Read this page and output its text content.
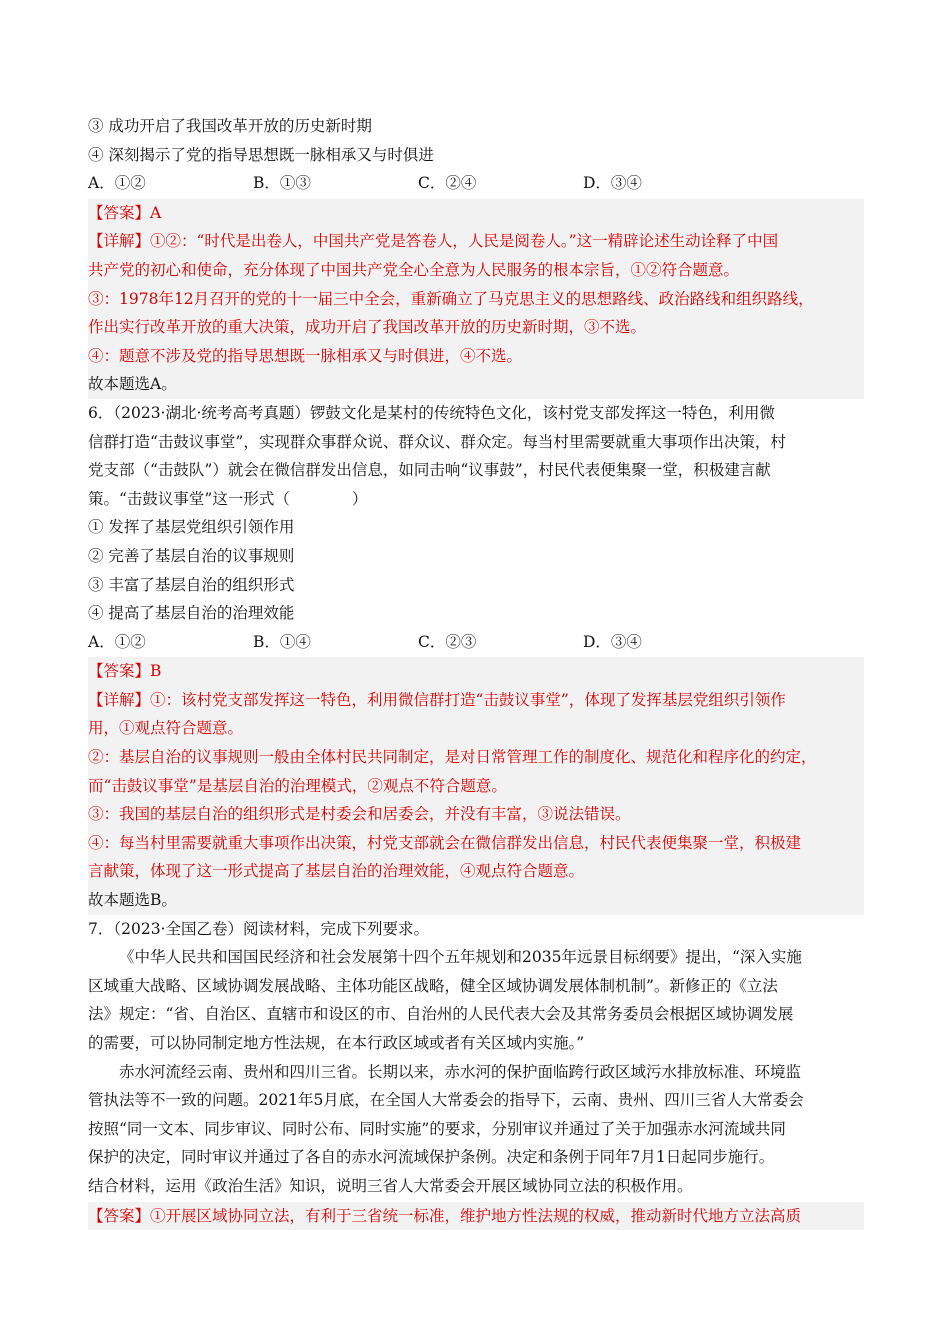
③ 成功开启了我国改革开放的历史新时期
④ 深刻揭示了党的指导思想既一脉相承又与时俱进
A．①②	B．①③	C．②④	D．③④
【答案】A
【详解】①②：“时代是出卷人，中国共产党是答卷人，人民是阅卷人。”这一精辟论述生动诠释了中国
共产党的初心和使命，充分体现了中国共产党全心全意为人民服务的根本宗旨，①②符合题意。
③：1978年12月召开的党的十一届三中全会，重新确立了马克思主义的思想路线、政治路线和组织路线，
作出实行改革开放的重大决策，成功开启了我国改革开放的历史新时期，③不选。
④：题意不涉及党的指导思想既一脉相承又与时俱进，④不选。
故本题选A。
6．（2023·湖北·统考高考真题）锣鼓文化是某村的传统特色文化，该村党支部发挥这一特色，利用微
信群打造“击鼓议事堂”，实现群众事群众说、群众议、群众定。每当村里需要就重大事项作出决策，村
党支部（“击鼓队”）就会在微信群发出信息，如同击响“议事鼓”，村民代表便集聚一堂，积极建言献
策。“击鼓议事堂”这一形式（　　　　）
① 发挥了基层党组织引领作用
② 完善了基层自治的议事规则
③ 丰富了基层自治的组织形式
④ 提高了基层自治的治理效能
A．①②	B．①④	C．②③	D．③④
【答案】B
【详解】①：该村党支部发挥这一特色，利用微信群打造“击鼓议事堂”，体现了发挥基层党组织引领作
用，①观点符合题意。
②：基层自治的议事规则一般由全体村民共同制定，是对日常管理工作的制度化、规范化和程序化的约定，
而“击鼓议事堂”是基层自治的治理模式，②观点不符合题意。
③：我国的基层自治的组织形式是村委会和居委会，并没有丰富，③说法错误。
④：每当村里需要就重大事项作出决策，村党支部就会在微信群发出信息，村民代表便集聚一堂，积极建
言献策，体现了这一形式提高了基层自治的治理效能，④观点符合题意。
故本题选B。
7．（2023·全国乙卷）阅读材料，完成下列要求。
《中华人民共和国国民经济和社会发展第十四个五年规划和2035年远景目标纲要》提出，“深入实施
区域重大战略、区域协调发展战略、主体功能区战略，健全区域协调发展体制机制”。新修正的《立法
法》规定：“省、自治区、直辖市和设区的市、自治州的人民代表大会及其常务委员会根据区域协调发展
的需要，可以协同制定地方性法规，在本行政区域或者有关区域内实施。”
赤水河流经云南、贵州和四川三省。长期以来，赤水河的保护面临跨行政区域污水排放标准、环境监
管执法等不一致的问题。2021年5月底，在全国人大常委会的指导下，云南、贵州、四川三省人大常委会
按照“同一文本、同步审议、同时公布、同时实施”的要求，分别审议并通过了关于加强赤水河流域共同
保护的决定，同时审议并通过了各自的赤水河流域保护条例。决定和条例于同年7月1日起同步施行。
结合材料，运用《政治生活》知识，说明三省人大常委会开展区域协同立法的积极作用。
【答案】①开展区域协同立法，有利于三省统一标准，维护地方性法规的权威，推动新时代地方立法高质
